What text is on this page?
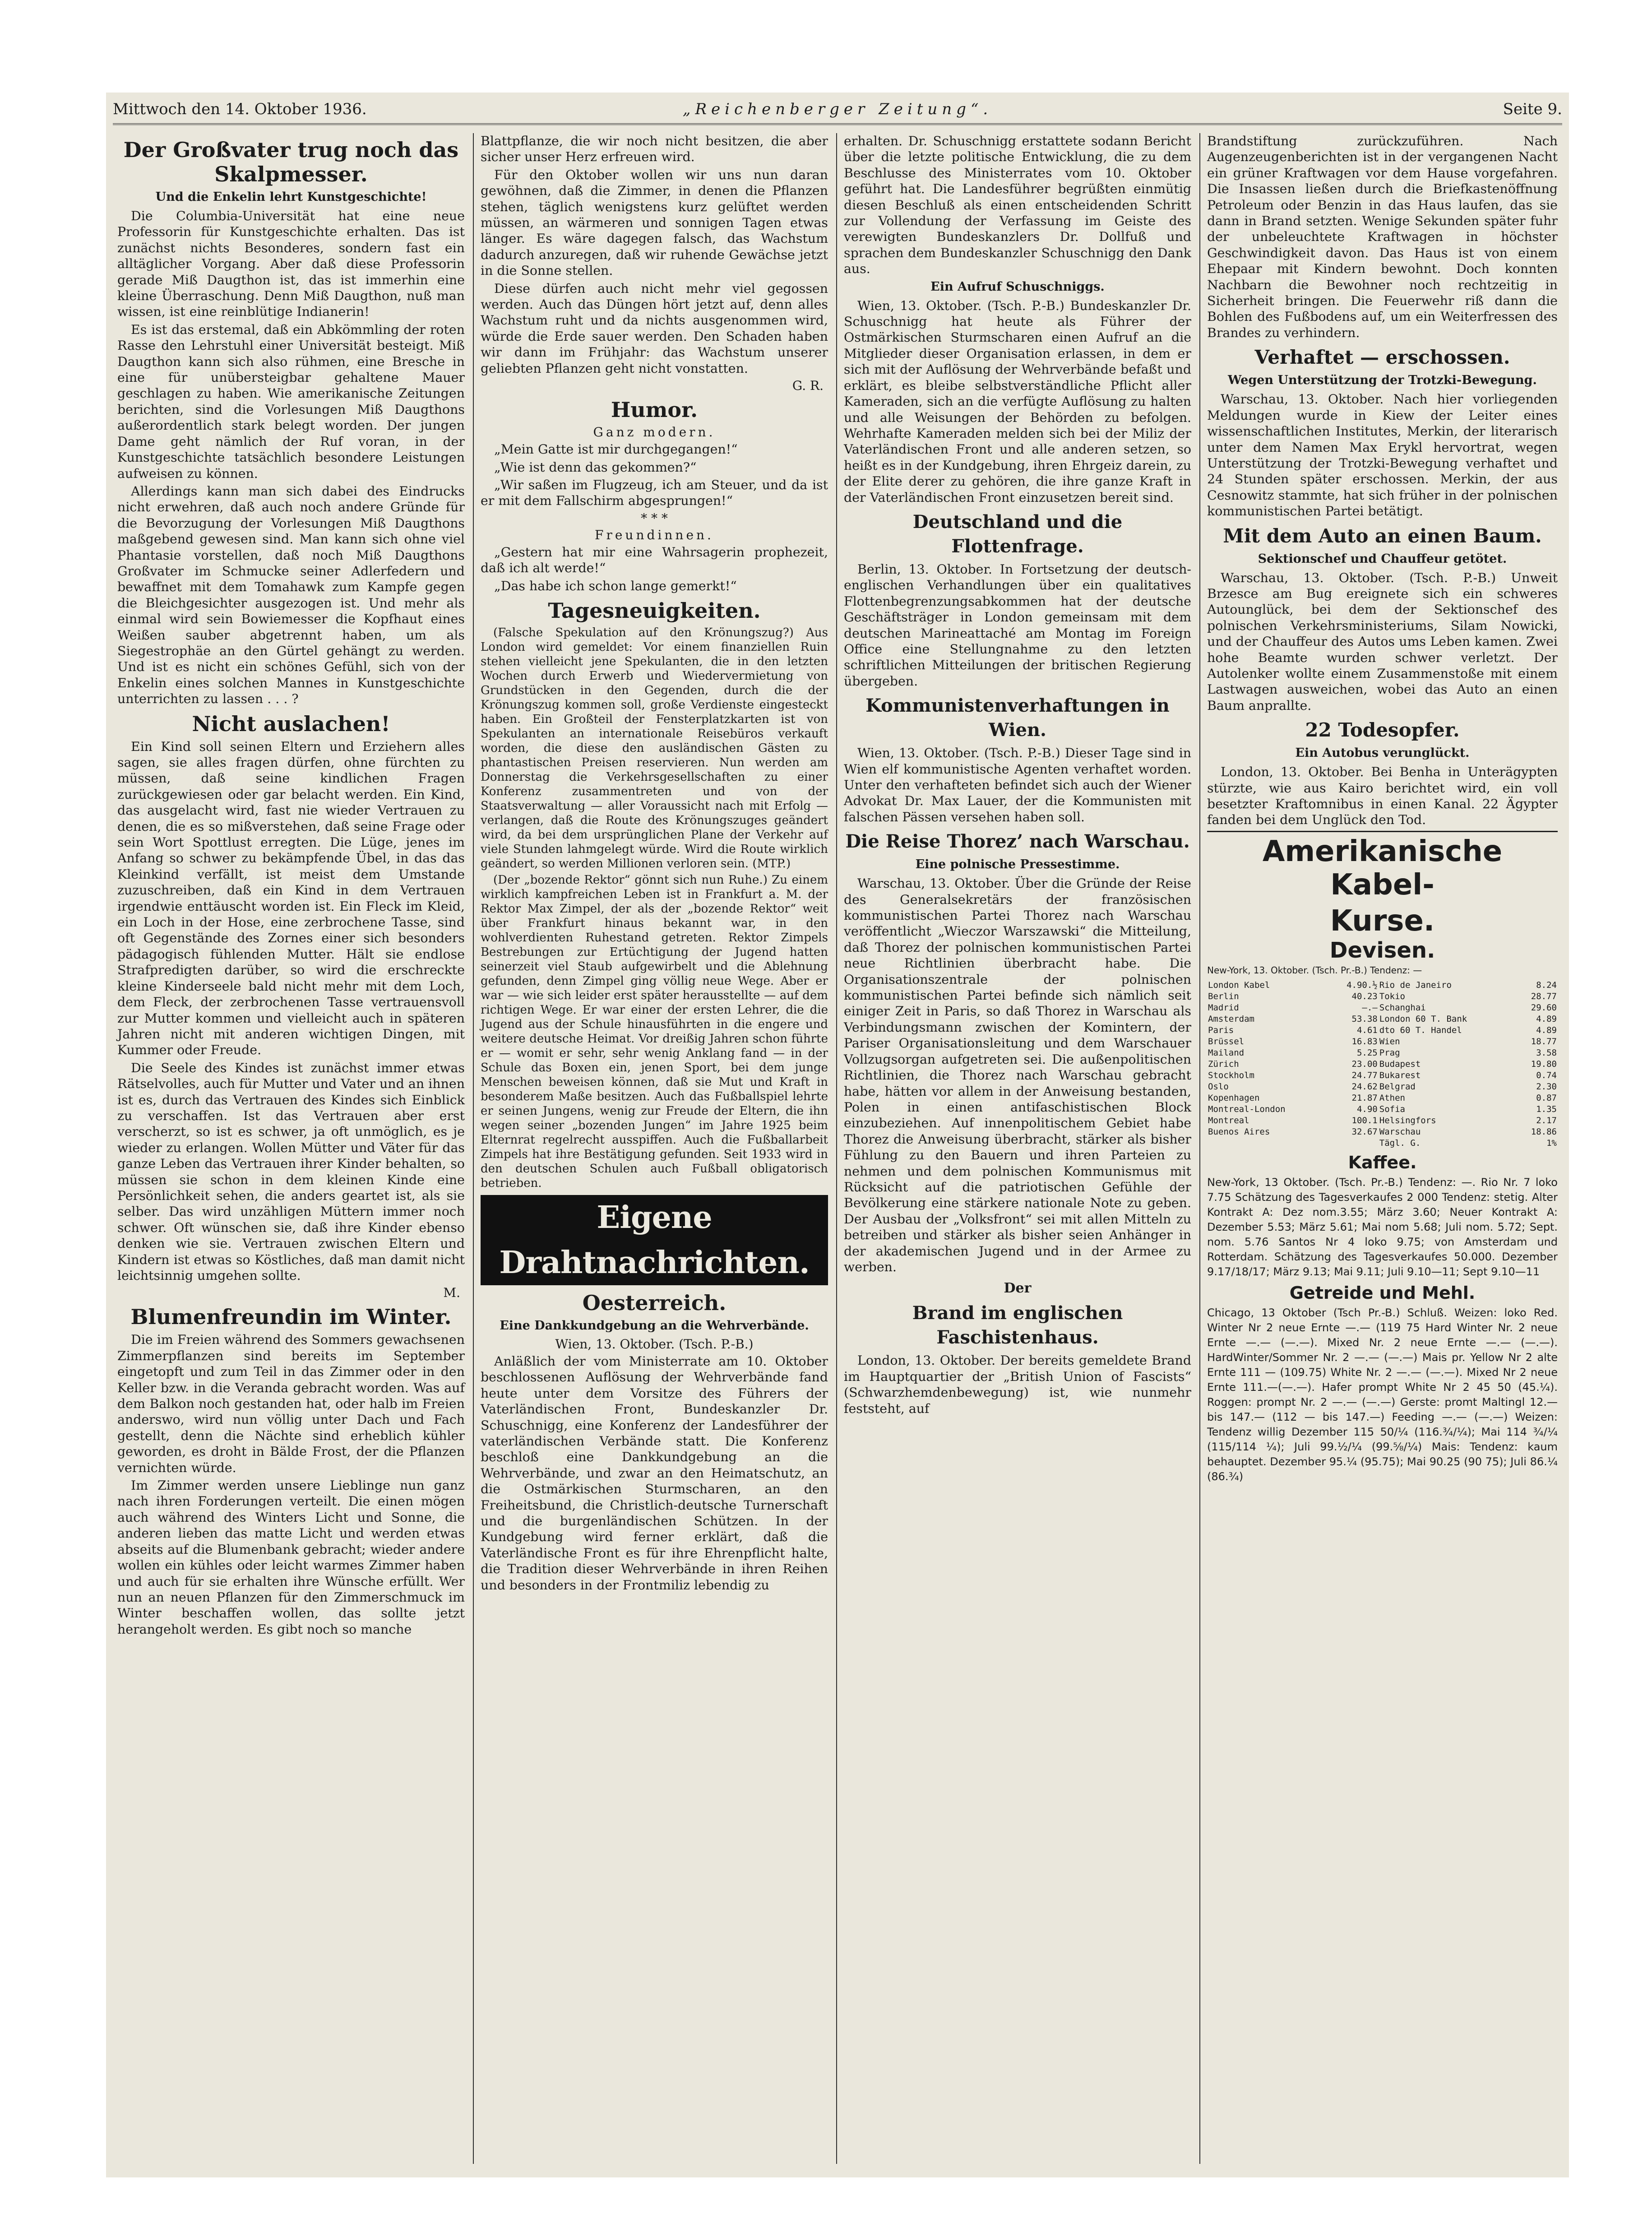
Mittwoch den 14. Oktober 1936.	„Reichenberger Zeitung“.	Seite 9.
Der Großvater trug noch das Skalpmesser.
Und die Enkelin lehrt Kunstgeschichte!

Die Columbia-Universität hat eine neue Professorin für Kunstgeschichte erhalten. Das ist zunächst nichts Besonderes, sondern fast ein alltäglicher Vorgang. Aber daß diese Professorin gerade Miß Daugthon ist, das ist immerhin eine kleine Überraschung. Denn Miß Daugthon, nuß man wissen, ist eine reinblütige Indianerin!

Es ist das erstemal, daß ein Abkömmling der roten Rasse den Lehrstuhl einer Universität besteigt. Miß Daugthon kann sich also rühmen, eine Bresche in eine für unübersteigbar gehaltene Mauer geschlagen zu haben. Wie amerikanische Zeitungen berichten, sind die Vorlesungen Miß Daugthons außerordentlich stark belegt worden. Der jungen Dame geht nämlich der Ruf voran, in der Kunstgeschichte tatsächlich besondere Leistungen aufweisen zu können.

Allerdings kann man sich dabei des Eindrucks nicht erwehren, daß auch noch andere Gründe für die Bevorzugung der Vorlesungen Miß Daugthons maßgebend gewesen sind. Man kann sich ohne viel Phantasie vorstellen, daß noch Miß Daugthons Großvater im Schmucke seiner Adlerfedern und bewaffnet mit dem Tomahawk zum Kampfe gegen die Bleichgesichter ausgezogen ist. Und mehr als einmal wird sein Bowiemesser die Kopfhaut eines Weißen sauber abgetrennt haben, um als Siegestrophäe an den Gürtel gehängt zu werden. Und ist es nicht ein schönes Gefühl, sich von der Enkelin eines solchen Mannes in Kunstgeschichte unterrichten zu lassen . . . ?

Nicht auslachen!

Ein Kind soll seinen Eltern und Erziehern alles sagen, sie alles fragen dürfen, ohne fürchten zu müssen, daß seine kindlichen Fragen zurückgewiesen oder gar belacht werden. Ein Kind, das ausgelacht wird, fast nie wieder Vertrauen zu denen, die es so mißverstehen, daß seine Frage oder sein Wort Spottlust erregten. Die Lüge, jenes im Anfang so schwer zu bekämpfende Übel, in das das Kleinkind verfällt, ist meist dem Umstande zuzuschreiben, daß ein Kind in dem Vertrauen irgendwie enttäuscht worden ist. Ein Fleck im Kleid, ein Loch in der Hose, eine zerbrochene Tasse, sind oft Gegenstände des Zornes einer sich besonders pädagogisch fühlenden Mutter. Hält sie endlose Strafpredigten darüber, so wird die erschreckte kleine Kinderseele bald nicht mehr mit dem Loch, dem Fleck, der zerbrochenen Tasse vertrauensvoll zur Mutter kommen und vielleicht auch in späteren Jahren nicht mit anderen wichtigen Dingen, mit Kummer oder Freude.

Die Seele des Kindes ist zunächst immer etwas Rätselvolles, auch für Mutter und Vater und an ihnen ist es, durch das Vertrauen des Kindes sich Einblick zu verschaffen. Ist das Vertrauen aber erst verscherzt, so ist es schwer, ja oft unmöglich, es je wieder zu erlangen. Wollen Mütter und Väter für das ganze Leben das Vertrauen ihrer Kinder behalten, so müssen sie schon in dem kleinen Kinde eine Persönlichkeit sehen, die anders geartet ist, als sie selber. Das wird unzähligen Müttern immer noch schwer. Oft wünschen sie, daß ihre Kinder ebenso denken wie sie. Vertrauen zwischen Eltern und Kindern ist etwas so Köstliches, daß man damit nicht leichtsinnig umgehen sollte.

M.
Blumenfreundin im Winter.

Die im Freien während des Sommers gewachsenen Zimmerpflanzen sind bereits im September eingetopft und zum Teil in das Zimmer oder in den Keller bzw. in die Veranda gebracht worden. Was auf dem Balkon noch gestanden hat, oder halb im Freien anderswo, wird nun völlig unter Dach und Fach gestellt, denn die Nächte sind erheblich kühler geworden, es droht in Bälde Frost, der die Pflanzen vernichten würde.

Im Zimmer werden unsere Lieblinge nun ganz nach ihren Forderungen verteilt. Die einen mögen auch während des Winters Licht und Sonne, die anderen lieben das matte Licht und werden etwas abseits auf die Blumenbank gebracht; wieder andere wollen ein kühles oder leicht warmes Zimmer haben und auch für sie erhalten ihre Wünsche erfüllt. Wer nun an neuen Pflanzen für den Zimmerschmuck im Winter beschaffen wollen, das sollte jetzt herangeholt werden. Es gibt noch so manche

Blattpflanze, die wir noch nicht besitzen, die aber sicher unser Herz erfreuen wird.

Für den Oktober wollen wir uns nun daran gewöhnen, daß die Zimmer, in denen die Pflanzen stehen, täglich wenigstens kurz gelüftet werden müssen, an wärmeren und sonnigen Tagen etwas länger. Es wäre dagegen falsch, das Wachstum dadurch anzuregen, daß wir ruhende Gewächse jetzt in die Sonne stellen.

Diese dürfen auch nicht mehr viel gegossen werden. Auch das Düngen hört jetzt auf, denn alles Wachstum ruht und da nichts ausgenommen wird, würde die Erde sauer werden. Den Schaden haben wir dann im Frühjahr: das Wachstum unserer geliebten Pflanzen geht nicht vonstatten.

G. R.
Humor.
Ganz modern.

„Mein Gatte ist mir durchgegangen!“

„Wie ist denn das gekommen?“

„Wir saßen im Flugzeug, ich am Steuer, und da ist er mit dem Fallschirm abgesprungen!“

* * *
Freundinnen.

„Gestern hat mir eine Wahrsagerin prophezeit, daß ich alt werde!“

„Das habe ich schon lange gemerkt!“

Tagesneuigkeiten.

(Falsche Spekulation auf den Krönungszug?) Aus London wird gemeldet: Vor einem finanziellen Ruin stehen vielleicht jene Spekulanten, die in den letzten Wochen durch Erwerb und Wiedervermietung von Grundstücken in den Gegenden, durch die der Krönungszug kommen soll, große Verdienste eingesteckt haben. Ein Großteil der Fensterplatzkarten ist von Spekulanten an internationale Reisebüros verkauft worden, die diese den ausländischen Gästen zu phantastischen Preisen reservieren. Nun werden am Donnerstag die Verkehrsgesellschaften zu einer Konferenz zusammentreten und von der Staatsverwaltung — aller Voraussicht nach mit Erfolg — verlangen, daß die Route des Krönungszuges geändert wird, da bei dem ursprünglichen Plane der Verkehr auf viele Stunden lahmgelegt würde. Wird die Route wirklich geändert, so werden Millionen verloren sein. (MTP.)

(Der „bozende Rektor“ gönnt sich nun Ruhe.) Zu einem wirklich kampfreichen Leben ist in Frankfurt a. M. der Rektor Max Zimpel, der als der „bozende Rektor“ weit über Frankfurt hinaus bekannt war, in den wohlverdienten Ruhestand getreten. Rektor Zimpels Bestrebungen zur Ertüchtigung der Jugend hatten seinerzeit viel Staub aufgewirbelt und die Ablehnung gefunden, denn Zimpel ging völlig neue Wege. Aber er war — wie sich leider erst später herausstellte — auf dem richtigen Wege. Er war einer der ersten Lehrer, die die Jugend aus der Schule hinausführten in die engere und weitere deutsche Heimat. Vor dreißig Jahren schon führte er — womit er sehr, sehr wenig Anklang fand — in der Schule das Boxen ein, jenen Sport, bei dem junge Menschen beweisen können, daß sie Mut und Kraft in besonderem Maße besitzen. Auch das Fußballspiel lehrte er seinen Jungens, wenig zur Freude der Eltern, die ihn wegen seiner „bozenden Jungen“ im Jahre 1925 beim Elternrat regelrecht ausspiffen. Auch die Fußballarbeit Zimpels hat ihre Bestätigung gefunden. Seit 1933 wird in den deutschen Schulen auch Fußball obligatorisch betrieben.

Eigene Drahtnachrichten.
Oesterreich.
Eine Dankkundgebung an die Wehrverbände.
Wien, 13. Oktober. (Tsch. P.-B.)

Anläßlich der vom Ministerrate am 10. Oktober beschlossenen Auflösung der Wehrverbände fand heute unter dem Vorsitze des Führers der Vaterländischen Front, Bundeskanzler Dr. Schuschnigg, eine Konferenz der Landesführer der vaterländischen Verbände statt. Die Konferenz beschloß eine Dankkundgebung an die Wehrverbände, und zwar an den Heimatschutz, an die Ostmärkischen Sturmscharen, an den Freiheitsbund, die Christlich-deutsche Turnerschaft und die burgenländischen Schützen. In der Kundgebung wird ferner erklärt, daß die Vaterländische Front es für ihre Ehrenpflicht halte, die Tradition dieser Wehrverbände in ihren Reihen und besonders in der Frontmiliz lebendig zu

erhalten. Dr. Schuschnigg erstattete sodann Bericht über die letzte politische Entwicklung, die zu dem Beschlusse des Ministerrates vom 10. Oktober geführt hat. Die Landesführer begrüßten einmütig diesen Beschluß als einen entscheidenden Schritt zur Vollendung der Verfassung im Geiste des verewigten Bundeskanzlers Dr. Dollfuß und sprachen dem Bundeskanzler Schuschnigg den Dank aus.

Ein Aufruf Schuschniggs.

Wien, 13. Oktober. (Tsch. P.-B.) Bundeskanzler Dr. Schuschnigg hat heute als Führer der Ostmärkischen Sturmscharen einen Aufruf an die Mitglieder dieser Organisation erlassen, in dem er sich mit der Auflösung der Wehrverbände befaßt und erklärt, es bleibe selbstverständliche Pflicht aller Kameraden, sich an die verfügte Auflösung zu halten und alle Weisungen der Behörden zu befolgen. Wehrhafte Kameraden melden sich bei der Miliz der Vaterländischen Front und alle anderen setzen, so heißt es in der Kundgebung, ihren Ehrgeiz darein, zu der Elite derer zu gehören, die ihre ganze Kraft in der Vaterländischen Front einzusetzen bereit sind.

Deutschland und die Flottenfrage.

Berlin, 13. Oktober. In Fortsetzung der deutsch-englischen Verhandlungen über ein qualitatives Flottenbegrenzungsabkommen hat der deutsche Geschäftsträger in London gemeinsam mit dem deutschen Marineattaché am Montag im Foreign Office eine Stellungnahme zu den letzten schriftlichen Mitteilungen der britischen Regierung übergeben.

Kommunistenverhaftungen in Wien.

Wien, 13. Oktober. (Tsch. P.-B.) Dieser Tage sind in Wien elf kommunistische Agenten verhaftet worden. Unter den verhafteten befindet sich auch der Wiener Advokat Dr. Max Lauer, der die Kommunisten mit falschen Pässen versehen haben soll.

Die Reise Thorez’ nach Warschau.
Eine polnische Pressestimme.

Warschau, 13. Oktober. Über die Gründe der Reise des Generalsekretärs der französischen kommunistischen Partei Thorez nach Warschau veröffentlicht „Wieczor Warszawski“ die Mitteilung, daß Thorez der polnischen kommunistischen Partei neue Richtlinien überbracht habe. Die Organisationszentrale der polnischen kommunistischen Partei befinde sich nämlich seit einiger Zeit in Paris, so daß Thorez in Warschau als Verbindungsmann zwischen der Komintern, der Pariser Organisationsleitung und dem Warschauer Vollzugsorgan aufgetreten sei. Die außenpolitischen Richtlinien, die Thorez nach Warschau gebracht habe, hätten vor allem in der Anweisung bestanden, Polen in einen antifaschistischen Block einzubeziehen. Auf innenpolitischem Gebiet habe Thorez die Anweisung überbracht, stärker als bisher Fühlung zu den Bauern und ihren Parteien zu nehmen und dem polnischen Kommunismus mit Rücksicht auf die patriotischen Gefühle der Bevölkerung eine stärkere nationale Note zu geben. Der Ausbau der „Volksfront“ sei mit allen Mitteln zu betreiben und stärker als bisher seien Anhänger in der akademischen Jugend und in der Armee zu werben.

Der
Brand im englischen Faschistenhaus.

London, 13. Oktober. Der bereits gemeldete Brand im Hauptquartier der „British Union of Fascists“ (Schwarzhemdenbewegung) ist, wie nunmehr feststeht, auf

Brandstiftung zurückzuführen. Nach Augenzeugenberichten ist in der vergangenen Nacht ein grüner Kraftwagen vor dem Hause vorgefahren. Die Insassen ließen durch die Briefkastenöffnung Petroleum oder Benzin in das Haus laufen, das sie dann in Brand setzten. Wenige Sekunden später fuhr der unbeleuchtete Kraftwagen in höchster Geschwindigkeit davon. Das Haus ist von einem Ehepaar mit Kindern bewohnt. Doch konnten Nachbarn die Bewohner noch rechtzeitig in Sicherheit bringen. Die Feuerwehr riß dann die Bohlen des Fußbodens auf, um ein Weiterfressen des Brandes zu verhindern.

Verhaftet — erschossen.
Wegen Unterstützung der Trotzki-Bewegung.

Warschau, 13. Oktober. Nach hier vorliegenden Meldungen wurde in Kiew der Leiter eines wissenschaftlichen Institutes, Merkin, der literarisch unter dem Namen Max Erykl hervortrat, wegen Unterstützung der Trotzki-Bewegung verhaftet und 24 Stunden später erschossen. Merkin, der aus Cesnowitz stammte, hat sich früher in der polnischen kommunistischen Partei betätigt.

Mit dem Auto an einen Baum.
Sektionschef und Chauffeur getötet.

Warschau, 13. Oktober. (Tsch. P.-B.) Unweit Brzesce am Bug ereignete sich ein schweres Autounglück, bei dem der Sektionschef des polnischen Verkehrsministeriums, Silam Nowicki, und der Chauffeur des Autos ums Leben kamen. Zwei hohe Beamte wurden schwer verletzt. Der Autolenker wollte einem Zusammenstoße mit einem Lastwagen ausweichen, wobei das Auto an einen Baum anprallte.

22 Todesopfer.
Ein Autobus verunglückt.

London, 13. Oktober. Bei Benha in Unterägypten stürzte, wie aus Kairo berichtet wird, ein voll besetzter Kraftomnibus in einen Kanal. 22 Ägypter fanden bei dem Unglück den Tod.

Amerikanische Kabel-
Kurse.
Devisen.
New-York, 13. Oktober. (Tsch. Pr.-B.) Tendenz: —
London Kabel	4.90.½	Rio de Janeiro	8.24
Berlin	40.23	Tokio	28.77
Madrid	—.—	Schanghai	29.60
Amsterdam	53.38	London 60 T. Bank	4.89
Paris	4.61	dto 60 T. Handel	4.89
Brüssel	16.83	Wien	18.77
Mailand	5.25	Prag	3.58
Zürich	23.00	Budapest	19.80
Stockholm	24.77	Bukarest	0.74
Oslo	24.62	Belgrad	2.30
Kopenhagen	21.87	Athen	0.87
Montreal-London	4.90	Sofia	1.35
Montreal	100.1	Helsingfors	2.17
Buenos Aires	32.67	Warschau	18.86
		Tägl. G.	1%
Kaffee.

New-York, 13 Oktober. (Tsch. Pr.-B.) Tendenz: —. Rio Nr. 7 loko 7.75 Schätzung des Tagesverkaufes 2 000 Tendenz: stetig. Alter Kontrakt A: Dez nom.3.55; März 3.60; Neuer Kontrakt A: Dezember 5.53; März 5.61; Mai nom 5.68; Juli nom. 5.72; Sept. nom. 5.76 Santos Nr 4 loko 9.75; von Amsterdam und Rotterdam. Schätzung des Tagesverkaufes 50.000. Dezember 9.17/18/17; März 9.13; Mai 9.11; Juli 9.10—11; Sept 9.10—11

Getreide und Mehl.

Chicago, 13 Oktober (Tsch Pr.-B.) Schluß. Weizen: loko Red. Winter Nr 2 neue Ernte —.— (119 75 Hard Winter Nr. 2 neue Ernte —.— (—.—). Mixed Nr. 2 neue Ernte —.— (—.—). HardWinter/Sommer Nr. 2 —.— (—.—) Mais pr. Yellow Nr 2 alte Ernte 111 — (109.75) White Nr. 2 —.— (—.—). Mixed Nr 2 neue Ernte 111.—(—.—). Hafer prompt White Nr 2 45 50 (45.¼). Roggen: prompt Nr. 2 —.— (—.—) Gerste: promt Maltingl 12.— bis 147.— (112 — bis 147.—) Feeding —.— (—.—) Weizen: Tendenz willig Dezember 115 50/¼ (116.¾/¼); Mai 114 ¾/¼ (115/114 ¼); Juli 99.½/¼ (99.⅝/¼) Mais: Tendenz: kaum behauptet. Dezember 95.¼ (95.75); Mai 90.25 (90 75); Juli 86.¼ (86.¾)
